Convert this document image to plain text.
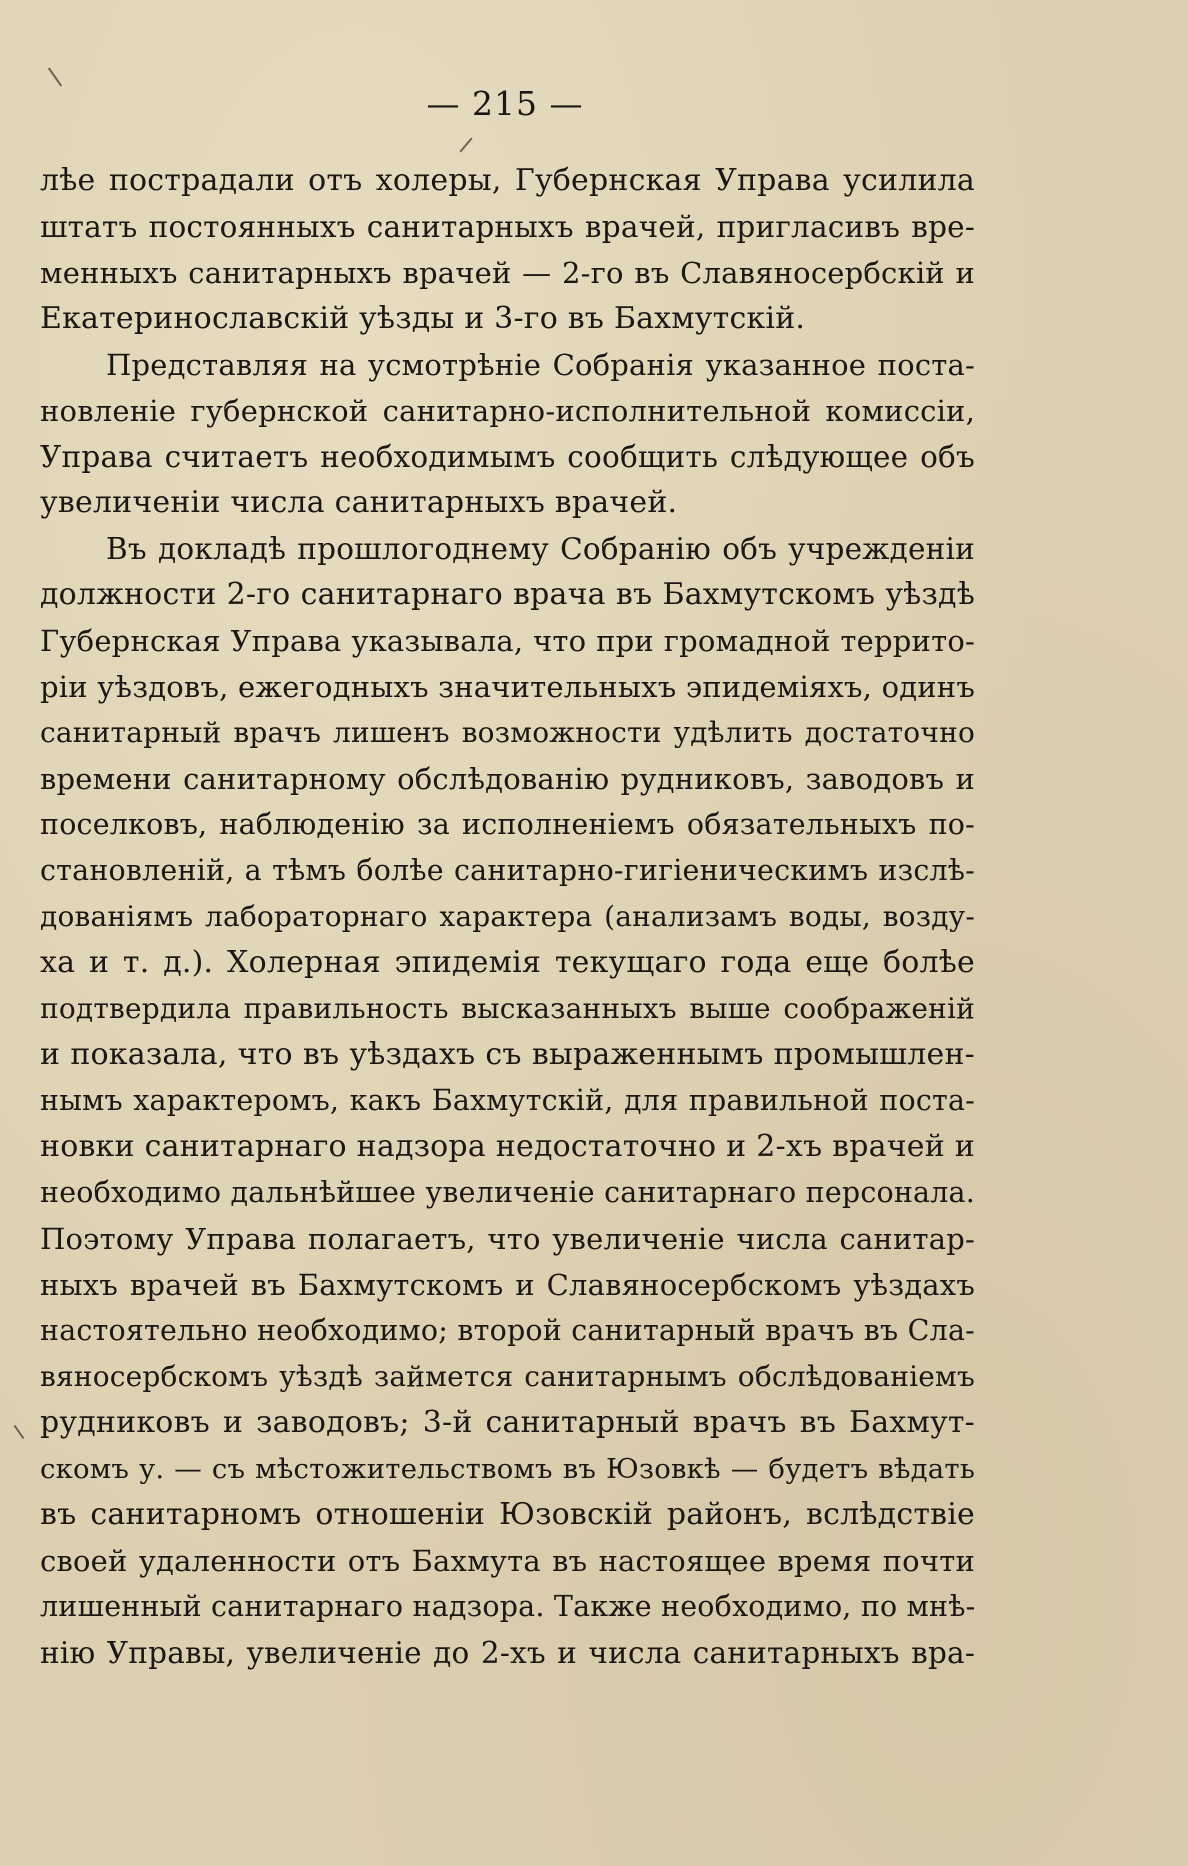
— 215 —
лѣе пострадали отъ холеры, Губернская Управа усилила
штатъ постоянныхъ санитарныхъ врачей, пригласивъ вре-
менныхъ санитарныхъ врачей — 2-го въ Славяносербскій и
Екатеринославскій уѣзды и 3-го въ Бахмутскій.
Представляя на усмотрѣніе Собранія указанное поста-
новленіе губернской санитарно-исполнительной комиссіи,
Управа считаетъ необходимымъ сообщить слѣдующее объ
увеличеніи числа санитарныхъ врачей.
Въ докладѣ прошлогоднему Собранію объ учрежденіи
должности 2-го санитарнаго врача въ Бахмутскомъ уѣздѣ
Губернская Управа указывала, что при громадной террито-
ріи уѣздовъ, ежегодныхъ значительныхъ эпидеміяхъ, одинъ
санитарный врачъ лишенъ возможности удѣлить достаточно
времени санитарному обслѣдованію рудниковъ, заводовъ и
поселковъ, наблюденію за исполненіемъ обязательныхъ по-
становленій, а тѣмъ болѣе санитарно-гигіеническимъ изслѣ-
дованіямъ лабораторнаго характера (анализамъ воды, возду-
ха и т. д.). Холерная эпидемія текущаго года еще болѣе
подтвердила правильность высказанныхъ выше соображеній
и показала, что въ уѣздахъ съ выраженнымъ промышлен-
нымъ характеромъ, какъ Бахмутскій, для правильной поста-
новки санитарнаго надзора недостаточно и 2-хъ врачей и
необходимо дальнѣйшее увеличеніе санитарнаго персонала.
Поэтому Управа полагаетъ, что увеличеніе числа санитар-
ныхъ врачей въ Бахмутскомъ и Славяносербскомъ уѣздахъ
настоятельно необходимо; второй санитарный врачъ въ Сла-
вяносербскомъ уѣздѣ займется санитарнымъ обслѣдованіемъ
рудниковъ и заводовъ; 3-й санитарный врачъ въ Бахмут-
скомъ у. — съ мѣстожительствомъ въ Юзовкѣ — будетъ вѣдать
въ санитарномъ отношеніи Юзовскій районъ, вслѣдствіе
своей удаленности отъ Бахмута въ настоящее время почти
лишенный санитарнаго надзора. Также необходимо, по мнѣ-
нію Управы, увеличеніе до 2-хъ и числа санитарныхъ вра-
